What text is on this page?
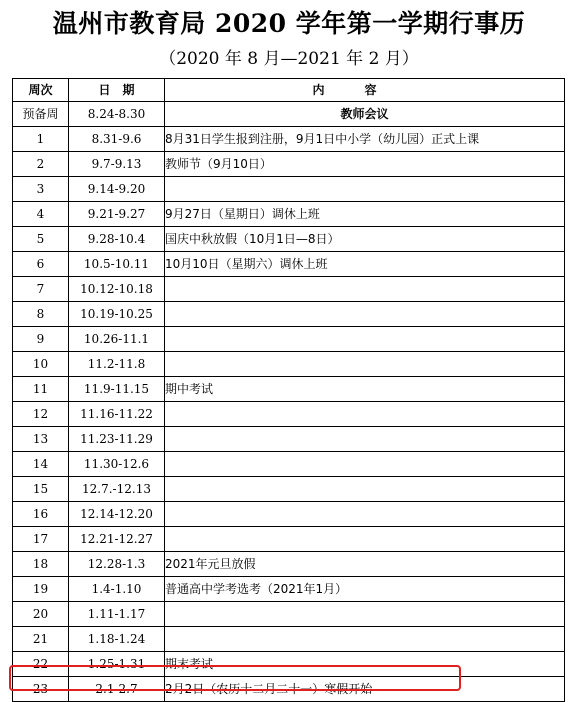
温州市教育局 2020 学年第一学期行事历
（2020 年 8 月—2021 年 2 月）
周次	日　期	内容
预备周	8.24-8.30	教师会议
1	8.31-9.6	8月31日学生报到注册，9月1日中小学（幼儿园）正式上课
2	9.7-9.13	教师节（9月10日）
3	9.14-9.20	
4	9.21-9.27	9月27日（星期日）调休上班
5	9.28-10.4	国庆中秋放假（10月1日—8日）
6	10.5-10.11	10月10日（星期六）调休上班
7	10.12-10.18	
8	10.19-10.25	
9	10.26-11.1	
10	11.2-11.8	
11	11.9-11.15	期中考试
12	11.16-11.22	
13	11.23-11.29	
14	11.30-12.6	
15	12.7.-12.13	
16	12.14-12.20	
17	12.21-12.27	
18	12.28-1.3	2021年元旦放假
19	1.4-1.10	普通高中学考选考（2021年1月）
20	1.11-1.17	
21	1.18-1.24	
22	1.25-1.31	期末考试
23	2.1-2.7	2月2日（农历十二月二十一）寒假开始
